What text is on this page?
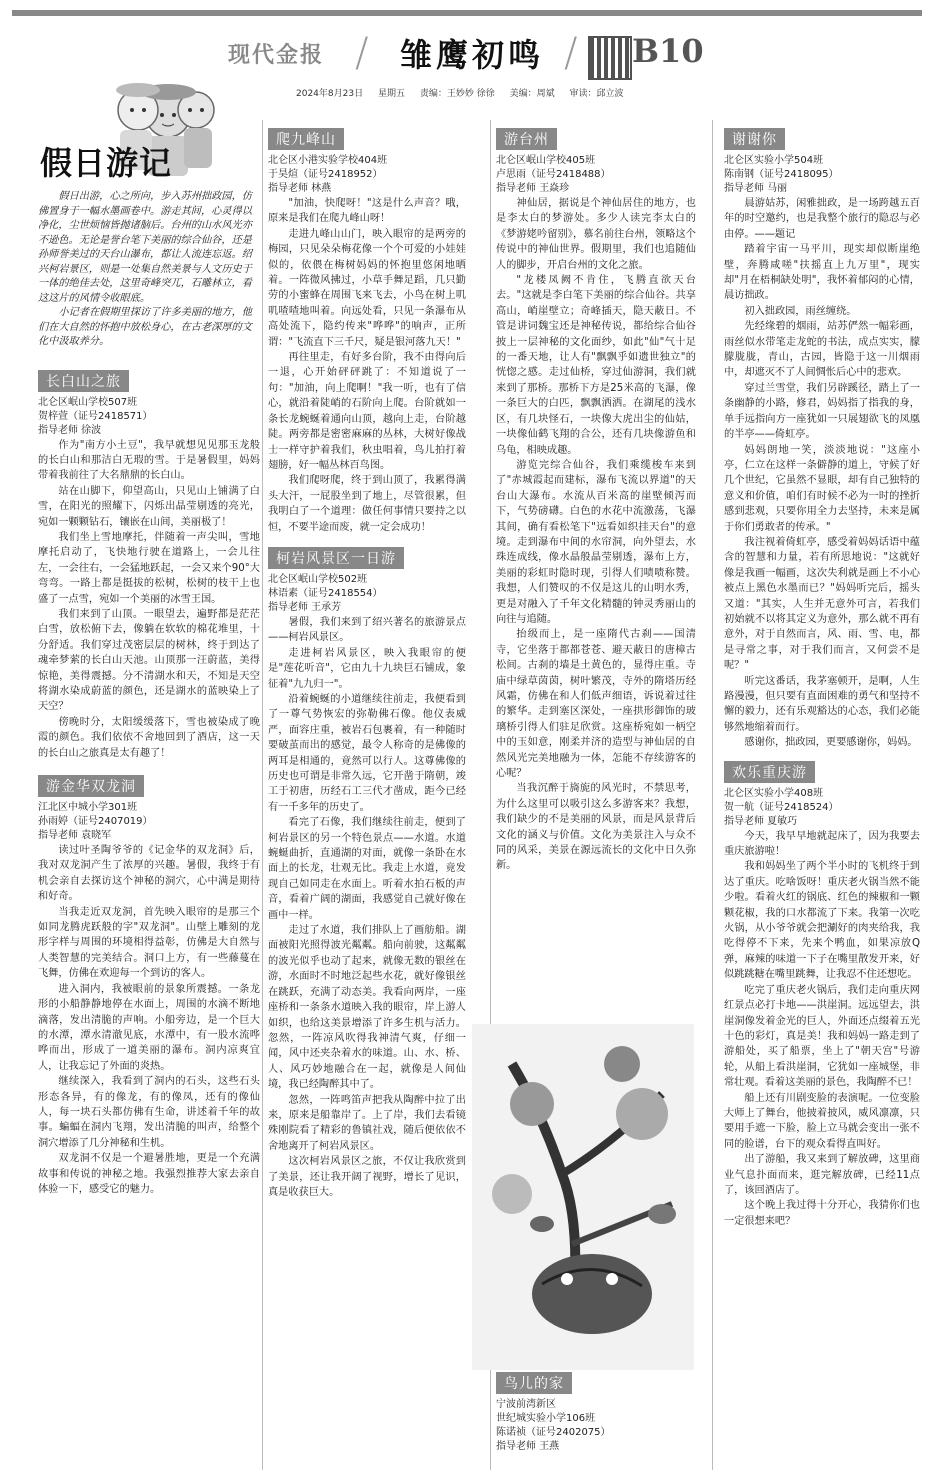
现代金报 / 雏鹰初鸣 / B10
2024年8月23日 星期五 责编：王妙妙 徐徐 美编：周斌 审读：邱立波
假日游记

假日出游，心之所向，步入苏州拙政园，仿佛置身于一幅水墨画卷中。游走其间，心灵得以净化，尘世烦恼皆抛诸脑后。台州的山水风光亦不逊色。无论是誉台笔下美丽的综合仙谷，还是孙师誉美过的天台山瀑布，都让人流连忘返。绍兴柯岩景区，则是一处集自然美景与人文历史于一体的绝佳去处，这里奇峰突兀，石雕林立，看这这片的风情令收眼底。

小记者在假期里探访了许多美丽的地方，他们在大自然的怀抱中放松身心，在古老深厚的文化中汲取养分。

长白山之旅

北仑区岷山学校507班

贺梓萱（证号2418571）

指导老师 徐波

作为"南方小土豆"，我早就想见见那玉龙般的长白山和那洁白无瑕的雪。于是暑假里，妈妈带着我前往了大名鼎鼎的长白山。

站在山脚下，仰望高山，只见山上铺满了白雪，在阳光的照耀下，闪烁出晶莹剔透的亮光，宛如一颗颗钻石，镶嵌在山间，美丽极了！

我们坐上雪地摩托，伴随着一声尖叫，雪地摩托启动了，飞快地行驶在道路上，一会儿往左，一会往右，一会猛地跃起，一会又来个90°大弯弯。一路上都是挺拔的松树，松树的枝干上也盛了一点雪，宛如一个美丽的冰雪王国。

我们来到了山顶。一眼望去，遍野都是茫茫白雪，放松俯下去，像躺在软软的棉花堆里，十分舒适。我们穿过茂密层层的树林，终于到达了魂牵梦萦的长白山天池。山顶那一汪蔚蓝，美得惊艳，美得震撼。分不清湖水和天，不知是天空将湖水染成蔚蓝的颜色，还是湖水的蓝映染上了天空？

傍晚时分，太阳缓缓落下，雪也被染成了晚霞的颜色。我们依依不舍地回到了酒店，这一天的长白山之旅真是太有趣了！

游金华双龙洞

江北区中城小学301班

孙雨婷（证号2407019）

指导老师 袁晓军

读过叶圣陶爷爷的《记金华的双龙洞》后，我对双龙洞产生了浓厚的兴趣。暑假，我终于有机会亲自去探访这个神秘的洞穴，心中满是期待和好奇。

当我走近双龙洞，首先映入眼帘的是那三个如同龙腾虎跃般的字"双龙洞"。山壁上雕刻的龙形字样与周围的环境相得益彰，仿佛是大自然与人类智慧的完美结合。洞口上方，有一些藤蔓在飞舞，仿佛在欢迎每一个到访的客人。

进入洞内，我被眼前的景象所震撼。一条龙形的小船静静地停在水面上，周围的水滴不断地滴落，发出清脆的声响。小船旁边，是一个巨大的水潭，潭水清澈见底，水潭中，有一股水流哗哗而出，形成了一道美丽的瀑布。洞内凉爽宜人，让我忘记了外面的炎热。

继续深入，我看到了洞内的石头，这些石头形态各异，有的像龙，有的像凤，还有的像仙人，每一块石头都仿佛有生命，讲述着千年的故事。蝙蝠在洞内飞翔，发出清脆的叫声，给整个洞穴增添了几分神秘和生机。

双龙洞不仅是一个避暑胜地，更是一个充满故事和传说的神秘之地。我强烈推荐大家去亲自体验一下，感受它的魅力。

爬九峰山

北仑区小港实验学校404班

于昊煊（证号2418952）

指导老师 林燕

"加油，快爬呀！"这是什么声音？哦，原来是我们在爬九峰山呀！

走进九峰山山门，映入眼帘的是两旁的梅园，只见朵朵梅花像一个个可爱的小娃娃似的，依偎在梅树妈妈的怀抱里悠闲地晒着。一阵微风拂过，小草手舞足蹈，几只勤劳的小蜜蜂在周围飞来飞去，小鸟在树上叽叽喳喳地叫着。向远处看，只见一条瀑布从高处流下，隐约传来"哗哗"的响声，正所谓："飞流直下三千尺，疑是银河落九天！"

再往里走，有好多台阶，我不由得向后一退，心开始砰砰跳了：不知道说了一句："加油，向上爬啊！"我一听，也有了信心，就沿着陡峭的石阶向上爬。台阶就如一条长龙蜿蜒着通向山顶，越向上走，台阶越陡。两旁都是密密麻麻的丛林，大树好像战士一样守护着我们，秋虫唱着，鸟儿拍打着翅膀，好一幅丛林百鸟图。

我们爬呀爬，终于到山顶了，我累得满头大汗，一屁股坐到了地上，尽管很累，但我明白了一个道理：做任何事情只要持之以恒，不要半途而废，就一定会成功！

柯岩风景区一日游

北仑区岷山学校502班

林语素（证号2418554）

指导老师 王承芳

暑假，我们来到了绍兴著名的旅游景点——柯岩风景区。

走进柯岩风景区，映入我眼帘的便是"莲花听音"，它由九十九块巨石铺成，象征着"九九归一"。

沿着蜿蜒的小道继续往前走，我便看到了一尊气势恢宏的弥勒佛石像。他仪表威严，面容庄重，被岩石包裹着，有一种随时要破茧而出的感觉，最令人称奇的是佛像的两耳是相通的，竟然可以行人。这尊佛像的历史也可谓是非常久远，它开凿于隋朝，竣工于初唐，历经石工三代才凿成，距今已经有一千多年的历史了。

看完了石像，我们继续往前走，便到了柯岩景区的另一个特色景点——水道。水道蜿蜒曲折，直通湖的对面，就像一条卧在水面上的长龙，壮观无比。我走上水道，竟发现自己如同走在水面上。听着水拍石板的声音，看着广阔的湖面，我感觉自己就好像在画中一样。

走过了水道，我们排队上了画舫船。湖面被阳光照得波光粼粼。船向前驶，这粼粼的波光似乎也动了起来，就像无数的银丝在游，水面时不时地泛起些水花，就好像银丝在跳跃，充满了动态美。我看向两岸，一座座桥和一条条水道映入我的眼帘，岸上游人如织，也给这美景增添了许多生机与活力。忽然，一阵凉风吹得我神清气爽，仔细一闻，风中还夹杂着水的味道。山、水、桥、人、风巧妙地融合在一起，就像是人间仙境，我已经陶醉其中了。

忽然，一阵鸣笛声把我从陶醉中拉了出来，原来是船靠岸了。上了岸，我们去看镜殊刚院看了精彩的鲁镇社戏，随后便依依不舍地离开了柯岩风景区。

这次柯岩风景区之旅，不仅让我欣赏到了美景，还让我开阔了视野，增长了见识，真是收获巨大。

游台州

北仑区岷山学校405班

卢思雨（证号2418488）

指导老师 王焱珍

神仙居，据说是个神仙居住的地方，也是李太白的梦游处。多少人读完李太白的《梦游姥吟留别》，慕名前往台州，领略这个传说中的神仙世界。假期里，我们也追随仙人的脚步，开启台州的文化之旅。

"龙楼凤阙不肯住，飞腾直欲天台去。"这就是李白笔下美丽的综合仙谷。共享高山，峭崖壁立；奇峰插天，隐天蔽日。不管是讲词魏宝还是神秘传说，都给综合仙谷披上一层神秘的文化面纱，如此"仙"气十足的一番天地，让人有"飘飘乎如遗世独立"的恍惚之感。走过仙桥，穿过仙游洞，我们就来到了那桥。那桥下方是25米高的飞瀑，像一条巨大的白匹，飘飘洒洒。在湖尾的浅水区，有几块怪石，一块像大虎出尘的仙姑，一块像仙鹤飞翔的合公，还有几块像游鱼和乌龟，相映成趣。

游览完综合仙谷，我们乘缆梭车来到了"赤城霞起而建标，瀑布飞流以界道"的天台山大瀑布。水流从百米高的崖壁倾泻而下，气势磅礴。白色的水花中流激荡，飞瀑其间，确有看松笔下"远看如织挂天台"的意境。走到瀑布中间的水帘洞，向外望去，水珠连成线，像水晶般晶莹剔透，瀑布上方，美丽的彩虹时隐时现，引得人们啧啧称赞。我想，人们赞叹的不仅是这儿的山明水秀，更是对融入了千年文化精髓的钟灵秀丽山的向往与追随。

抬级而上，是一座隋代古刹——国清寺，它坐落于都都苍苍、避天蔽日的唐樟古松间。古刹的墙是土黄色的，显得庄重。寺庙中绿草茵茵，树叶繁茂，寺外的隋塔历经风霜，仿佛在和人们低声细语，诉说着过往的繁华。走到塞区深处，一座拱形御饰的玻璃桥引得人们驻足欣赏。这座桥宛如一柄空中的玉如意，刚柔并济的造型与神仙居的自然风光完美地融为一体，怎能不存续游客的心呢？

当我沉醉于旖旎的风光时，不禁思考，为什么这里可以吸引这么多游客来？我想，我们缺少的不是美丽的风景，而是风景背后文化的涵义与价值。文化为美景注入与众不同的风采，美景在源远流长的文化中日久弥新。

鸟儿的家

宁波前湾新区

世纪城实验小学106班

陈诺祯（证号2402075）

指导老师 王燕

谢谢你

北仑区实验小学504班

陈南钢（证号2418095）

指导老师 马丽

晨游姑苏，闲雅拙政，是一场跨越五百年的时空邀约，也是我整个旅行的隐忍与必由停。——题记

踏着宇宙一马平川，现实却似断崖绝壁，奔腾咸嗟"扶摇直上九万里"，现实却"月在梧桐缺处明"，我怀着郁闷的心情，晨访拙政。

初入拙政园，雨丝缠绕。

先经缘碧的烟雨，站苏俨然一幅彩画，雨丝似水带笔走龙蛇的书法，成点实实，朦朦胧胧，青山，古园，皆隐于这一川烟雨中，却遮灭不了人间惆怅后心中的悲欢。

穿过兰雪堂，我们另辟蹊径，踏上了一条幽静的小路，修君，妈妈指了指我的身，单手远指向方一座犹如一只展翅欲飞的凤凰的半亭——倚虹亭。

妈妈朗地一笑，淡淡地说："这座小亭，仁立在这样一条僻静的道上，守候了好几个世纪，它虽然不显眼，却有自己独特的意义和价值，咱们有时候不必为一时的挫折感到悲观，只要你用全力去坚持，未来是属于你们勇敢者的传承。"

我注视着倚虹亭，感受着妈妈话语中蕴含的智慧和力量，若有所思地说："这就好像是我画一幅画，这次失利就是画上不小心被点上黑色水墨而已？"妈妈听完后，摇头又道："其实，人生并无意外可言，若我们初始就不以将其定义为意外，那么就不再有意外，对于自然而言，风、雨、雪、电，都是寻常之事，对于我们而言，又何尝不是呢？"

听完这番话，我茅塞顿开，是啊，人生路漫漫，但只要有直面困难的勇气和坚持不懈的毅力，还有乐观豁达的心态，我们必能够然地缩着而行。

感谢你，拙政园，更要感谢你，妈妈。

欢乐重庆游

北仑区实验小学408班

贺一航（证号2418524）

指导老师 夏敏巧

今天，我早早地就起床了，因为我要去重庆旅游啦！

我和妈妈坐了两个半小时的飞机终于到达了重庆。吃啥饭呀！重庆老火锅当然不能少啦。看着火红的锅底、红色的辣椒和一颗颗花椒，我的口水都流了下来。我第一次吃火锅，从小爷爷就会把涮好的肉夹给我，我吃得停不下来，先来个鸭血，如果凉放Q弹，麻辣的味道一下子在嘴里散发开来，好似跳跳糖在嘴里跳舞，让我忍不住还想吃。

吃完了重庆老火锅后，我们走向重庆网红景点必打卡地——洪崖洞。远远望去，洪崖洞像发着金光的巨人，外面还点缀着五光十色的彩灯，真是美！我和妈妈一路走到了游船处，买了船票，坐上了"朝天宫"号游轮，从船上看洪崖洞，它犹如一座城堡，非常壮观。看着这美丽的景色，我陶醉不已！

船上还有川剧变脸的表演呢。一位变脸大师上了舞台，他披着披风，威风凛凛，只要用手遮一下脸，脸上立马就会变出一张不同的脸谱，台下的观众看得直叫好。

出了游船，我又来到了解放碑，这里商业气息扑面而来，逛完解放碑，已经11点了，该回酒店了。

这个晚上我过得十分开心，我猜你们也一定很想来吧？
